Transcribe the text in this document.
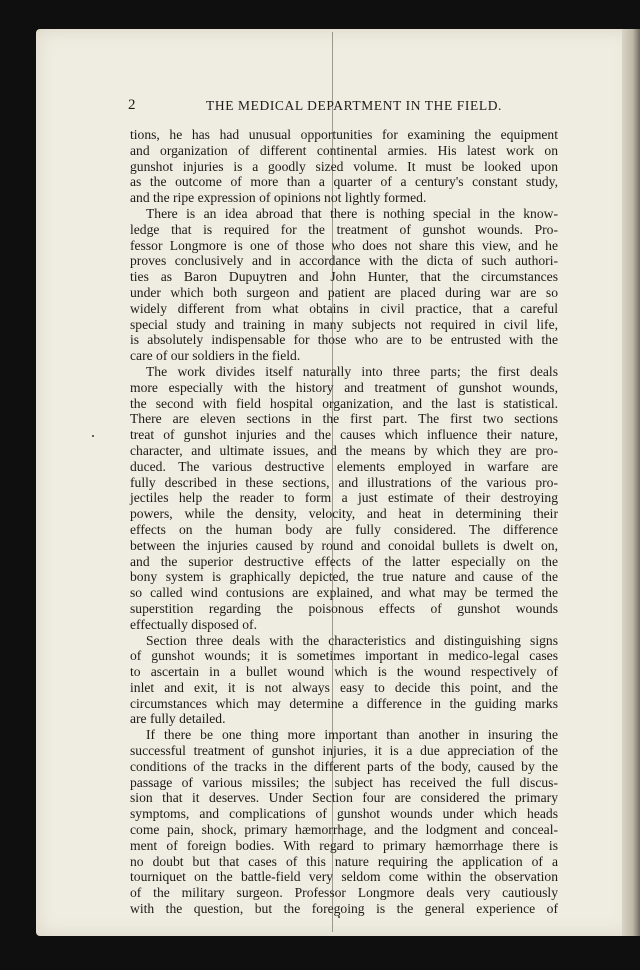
2	THE MEDICAL DEPARTMENT IN THE FIELD.
tions, he has had unusual opportunities for examining the equipment
and organization of different continental armies. His latest work on
gunshot injuries is a goodly sized volume. It must be looked upon
as the outcome of more than a quarter of a century's constant study,
and the ripe expression of opinions not lightly formed.
There is an idea abroad that there is nothing special in the know-
ledge that is required for the treatment of gunshot wounds. Pro-
fessor Longmore is one of those who does not share this view, and he
proves conclusively and in accordance with the dicta of such authori-
ties as Baron Dupuytren and John Hunter, that the circumstances
under which both surgeon and patient are placed during war are so
widely different from what obtains in civil practice, that a careful
special study and training in many subjects not required in civil life,
is absolutely indispensable for those who are to be entrusted with the
care of our soldiers in the field.
The work divides itself naturally into three parts; the first deals
more especially with the history and treatment of gunshot wounds,
the second with field hospital organization, and the last is statistical.
There are eleven sections in the first part. The first two sections
treat of gunshot injuries and the causes which influence their nature,
character, and ultimate issues, and the means by which they are pro-
duced. The various destructive elements employed in warfare are
fully described in these sections, and illustrations of the various pro-
jectiles help the reader to form a just estimate of their destroying
powers, while the density, velocity, and heat in determining their
effects on the human body are fully considered. The difference
between the injuries caused by round and conoidal bullets is dwelt on,
and the superior destructive effects of the latter especially on the
bony system is graphically depicted, the true nature and cause of the
so called wind contusions are explained, and what may be termed the
superstition regarding the poisonous effects of gunshot wounds
effectually disposed of.
Section three deals with the characteristics and distinguishing signs
of gunshot wounds; it is sometimes important in medico-legal cases
to ascertain in a bullet wound which is the wound respectively of
inlet and exit, it is not always easy to decide this point, and the
circumstances which may determine a difference in the guiding marks
are fully detailed.
If there be one thing more important than another in insuring the
successful treatment of gunshot injuries, it is a due appreciation of the
conditions of the tracks in the different parts of the body, caused by the
passage of various missiles; the subject has received the full discus-
sion that it deserves. Under Section four are considered the primary
symptoms, and complications of gunshot wounds under which heads
come pain, shock, primary hæmorrhage, and the lodgment and conceal-
ment of foreign bodies. With regard to primary hæmorrhage there is
no doubt but that cases of this nature requiring the application of a
tourniquet on the battle-field very seldom come within the observation
of the military surgeon. Professor Longmore deals very cautiously
with the question, but the foregoing is the general experience of
